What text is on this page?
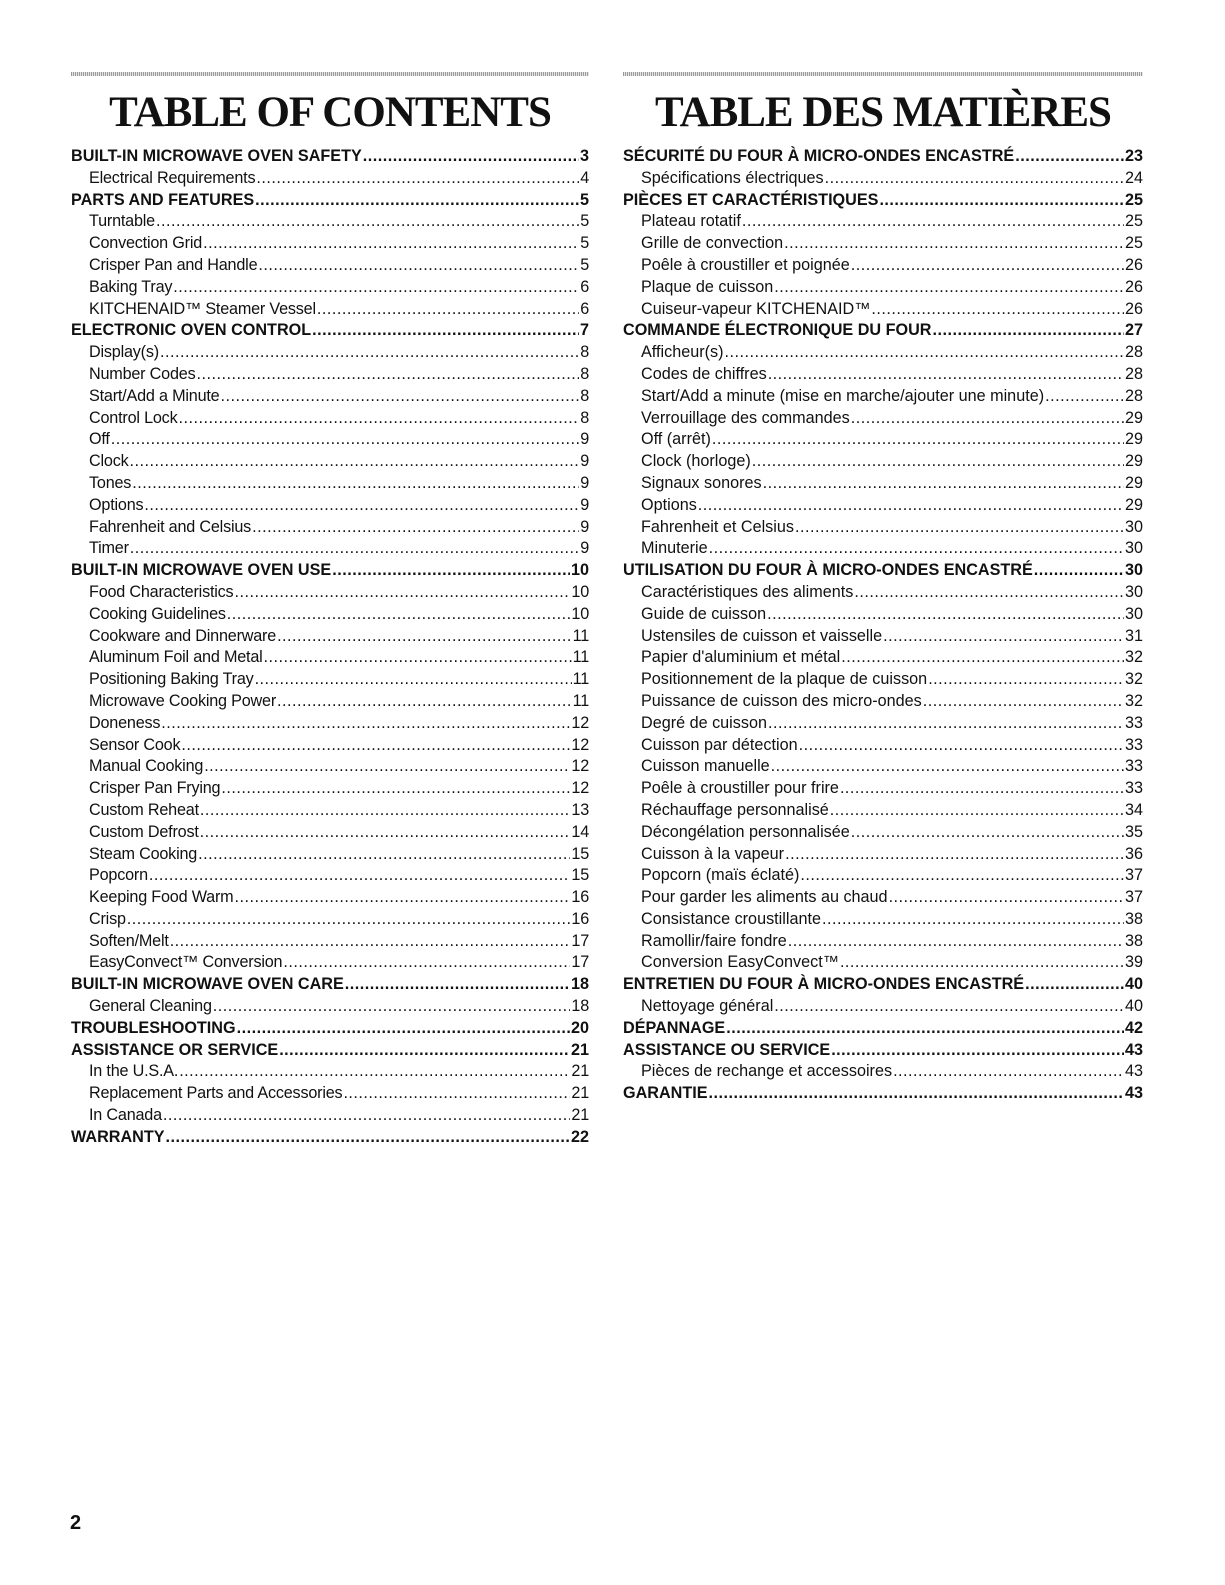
TABLE OF CONTENTS
BUILT-IN MICROWAVE OVEN SAFETY .....	3
Electrical Requirements .....	4
PARTS AND FEATURES .....	5
Turntable .....	5
Convection Grid .....	5
Crisper Pan and Handle .....	5
Baking Tray .....	6
KITCHENAID™ Steamer Vessel .....	6
ELECTRONIC OVEN CONTROL .....	7
Display(s) .....	8
Number Codes .....	8
Start/Add a Minute .....	8
Control Lock .....	8
Off .....	9
Clock .....	9
Tones .....	9
Options .....	9
Fahrenheit and Celsius .....	9
Timer .....	9
BUILT-IN MICROWAVE OVEN USE .....	10
Food Characteristics .....	10
Cooking Guidelines .....	10
Cookware and Dinnerware .....	11
Aluminum Foil and Metal .....	11
Positioning Baking Tray .....	11
Microwave Cooking Power .....	11
Doneness .....	12
Sensor Cook .....	12
Manual Cooking .....	12
Crisper Pan Frying .....	12
Custom Reheat .....	13
Custom Defrost .....	14
Steam Cooking .....	15
Popcorn .....	15
Keeping Food Warm .....	16
Crisp .....	16
Soften/Melt .....	17
EasyConvect™ Conversion .....	17
BUILT-IN MICROWAVE OVEN CARE .....	18
General Cleaning .....	18
TROUBLESHOOTING .....	20
ASSISTANCE OR SERVICE .....	21
In the U.S.A. .....	21
Replacement Parts and Accessories .....	21
In Canada .....	21
WARRANTY .....	22
TABLE DES MATIÈRES
SÉCURITÉ DU FOUR À MICRO-ONDES ENCASTRÉ .....	23
Spécifications électriques .....	24
PIÈCES ET CARACTÉRISTIQUES .....	25
Plateau rotatif .....	25
Grille de convection .....	25
Poêle à croustiller et poignée .....	26
Plaque de cuisson .....	26
Cuiseur-vapeur KITCHENAID™ .....	26
COMMANDE ÉLECTRONIQUE DU FOUR .....	27
Afficheur(s) .....	28
Codes de chiffres .....	28
Start/Add a minute (mise en marche/ajouter une minute) .....	28
Verrouillage des commandes .....	29
Off (arrêt) .....	29
Clock (horloge) .....	29
Signaux sonores .....	29
Options .....	29
Fahrenheit et Celsius .....	30
Minuterie .....	30
UTILISATION DU FOUR À MICRO-ONDES ENCASTRÉ .....	30
Caractéristiques des aliments .....	30
Guide de cuisson .....	30
Ustensiles de cuisson et vaisselle .....	31
Papier d'aluminium et métal .....	32
Positionnement de la plaque de cuisson .....	32
Puissance de cuisson des micro-ondes .....	32
Degré de cuisson .....	33
Cuisson par détection .....	33
Cuisson manuelle .....	33
Poêle à croustiller pour frire .....	33
Réchauffage personnalisé .....	34
Décongélation personnalisée .....	35
Cuisson à la vapeur .....	36
Popcorn (maïs éclaté) .....	37
Pour garder les aliments au chaud .....	37
Consistance croustillante .....	38
Ramollir/faire fondre .....	38
Conversion EasyConvect™ .....	39
ENTRETIEN DU FOUR À MICRO-ONDES ENCASTRÉ .....	40
Nettoyage général .....	40
DÉPANNAGE .....	42
ASSISTANCE OU SERVICE .....	43
Pièces de rechange et accessoires .....	43
GARANTIE .....	43
2
